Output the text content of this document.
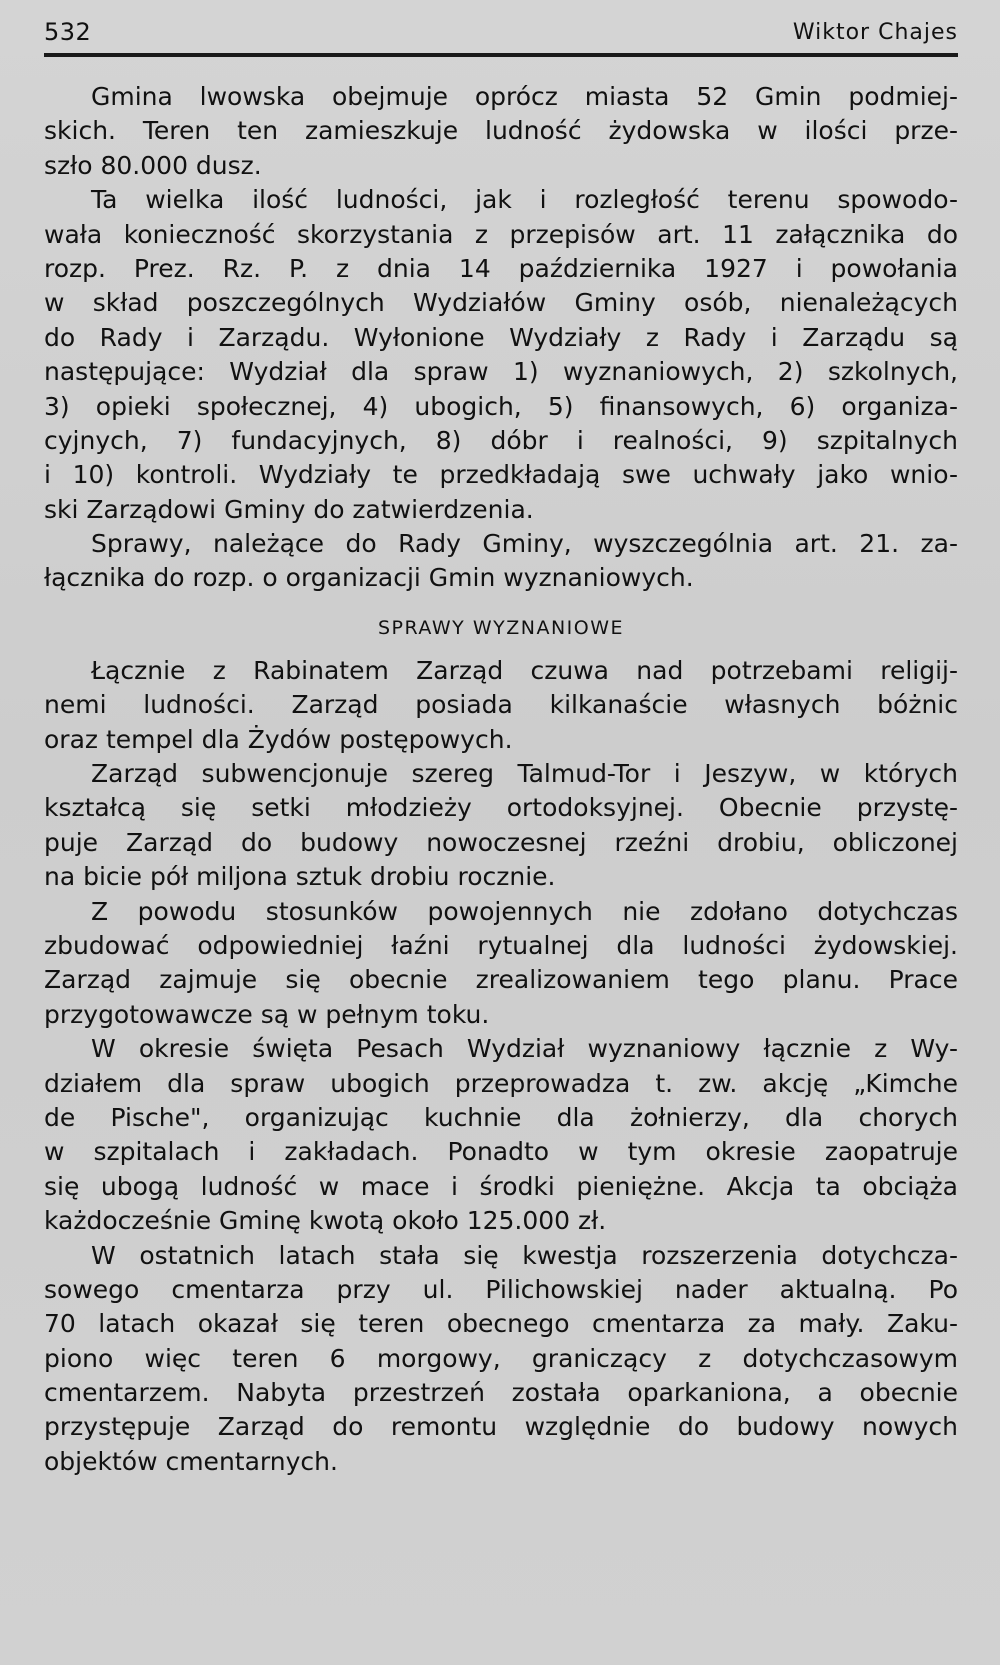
532	Wiktor Chajes
Gmina lwowska obejmuje oprócz miasta 52 Gmin podmiej-
skich. Teren ten zamieszkuje ludność żydowska w ilości prze-
szło 80.000 dusz.
Ta wielka ilość ludności, jak i rozległość terenu spowodo-
wała konieczność skorzystania z przepisów art. 11 załącznika do
rozp. Prez. Rz. P. z dnia 14 października 1927 i powołania
w skład poszczególnych Wydziałów Gminy osób, nienależących
do Rady i Zarządu. Wyłonione Wydziały z Rady i Zarządu są
następujące: Wydział dla spraw 1) wyznaniowych, 2) szkolnych,
3) opieki społecznej, 4) ubogich, 5) finansowych, 6) organiza-
cyjnych, 7) fundacyjnych, 8) dóbr i realności, 9) szpitalnych
i 10) kontroli. Wydziały te przedkładają swe uchwały jako wnio-
ski Zarządowi Gminy do zatwierdzenia.
Sprawy, należące do Rady Gminy, wyszczególnia art. 21. za-
łącznika do rozp. o organizacji Gmin wyznaniowych.
SPRAWY WYZNANIOWE
Łącznie z Rabinatem Zarząd czuwa nad potrzebami religij-
nemi ludności. Zarząd posiada kilkanaście własnych bóżnic
oraz tempel dla Żydów postępowych.
Zarząd subwencjonuje szereg Talmud-Tor i Jeszyw, w których
kształcą się setki młodzieży ortodoksyjnej. Obecnie przystę-
puje Zarząd do budowy nowoczesnej rzeźni drobiu, obliczonej
na bicie pół miljona sztuk drobiu rocznie.
Z powodu stosunków powojennych nie zdołano dotychczas
zbudować odpowiedniej łaźni rytualnej dla ludności żydowskiej.
Zarząd zajmuje się obecnie zrealizowaniem tego planu. Prace
przygotowawcze są w pełnym toku.
W okresie święta Pesach Wydział wyznaniowy łącznie z Wy-
działem dla spraw ubogich przeprowadza t. zw. akcję „Kimche
de Pische", organizując kuchnie dla żołnierzy, dla chorych
w szpitalach i zakładach. Ponadto w tym okresie zaopatruje
się ubogą ludność w mace i środki pieniężne. Akcja ta obciąża
każdocześnie Gminę kwotą około 125.000 zł.
W ostatnich latach stała się kwestja rozszerzenia dotychcza-
sowego cmentarza przy ul. Pilichowskiej nader aktualną. Po
70 latach okazał się teren obecnego cmentarza za mały. Zaku-
piono więc teren 6 morgowy, graniczący z dotychczasowym
cmentarzem. Nabyta przestrzeń została oparkaniona, a obecnie
przystępuje Zarząd do remontu względnie do budowy nowych
objektów cmentarnych.
